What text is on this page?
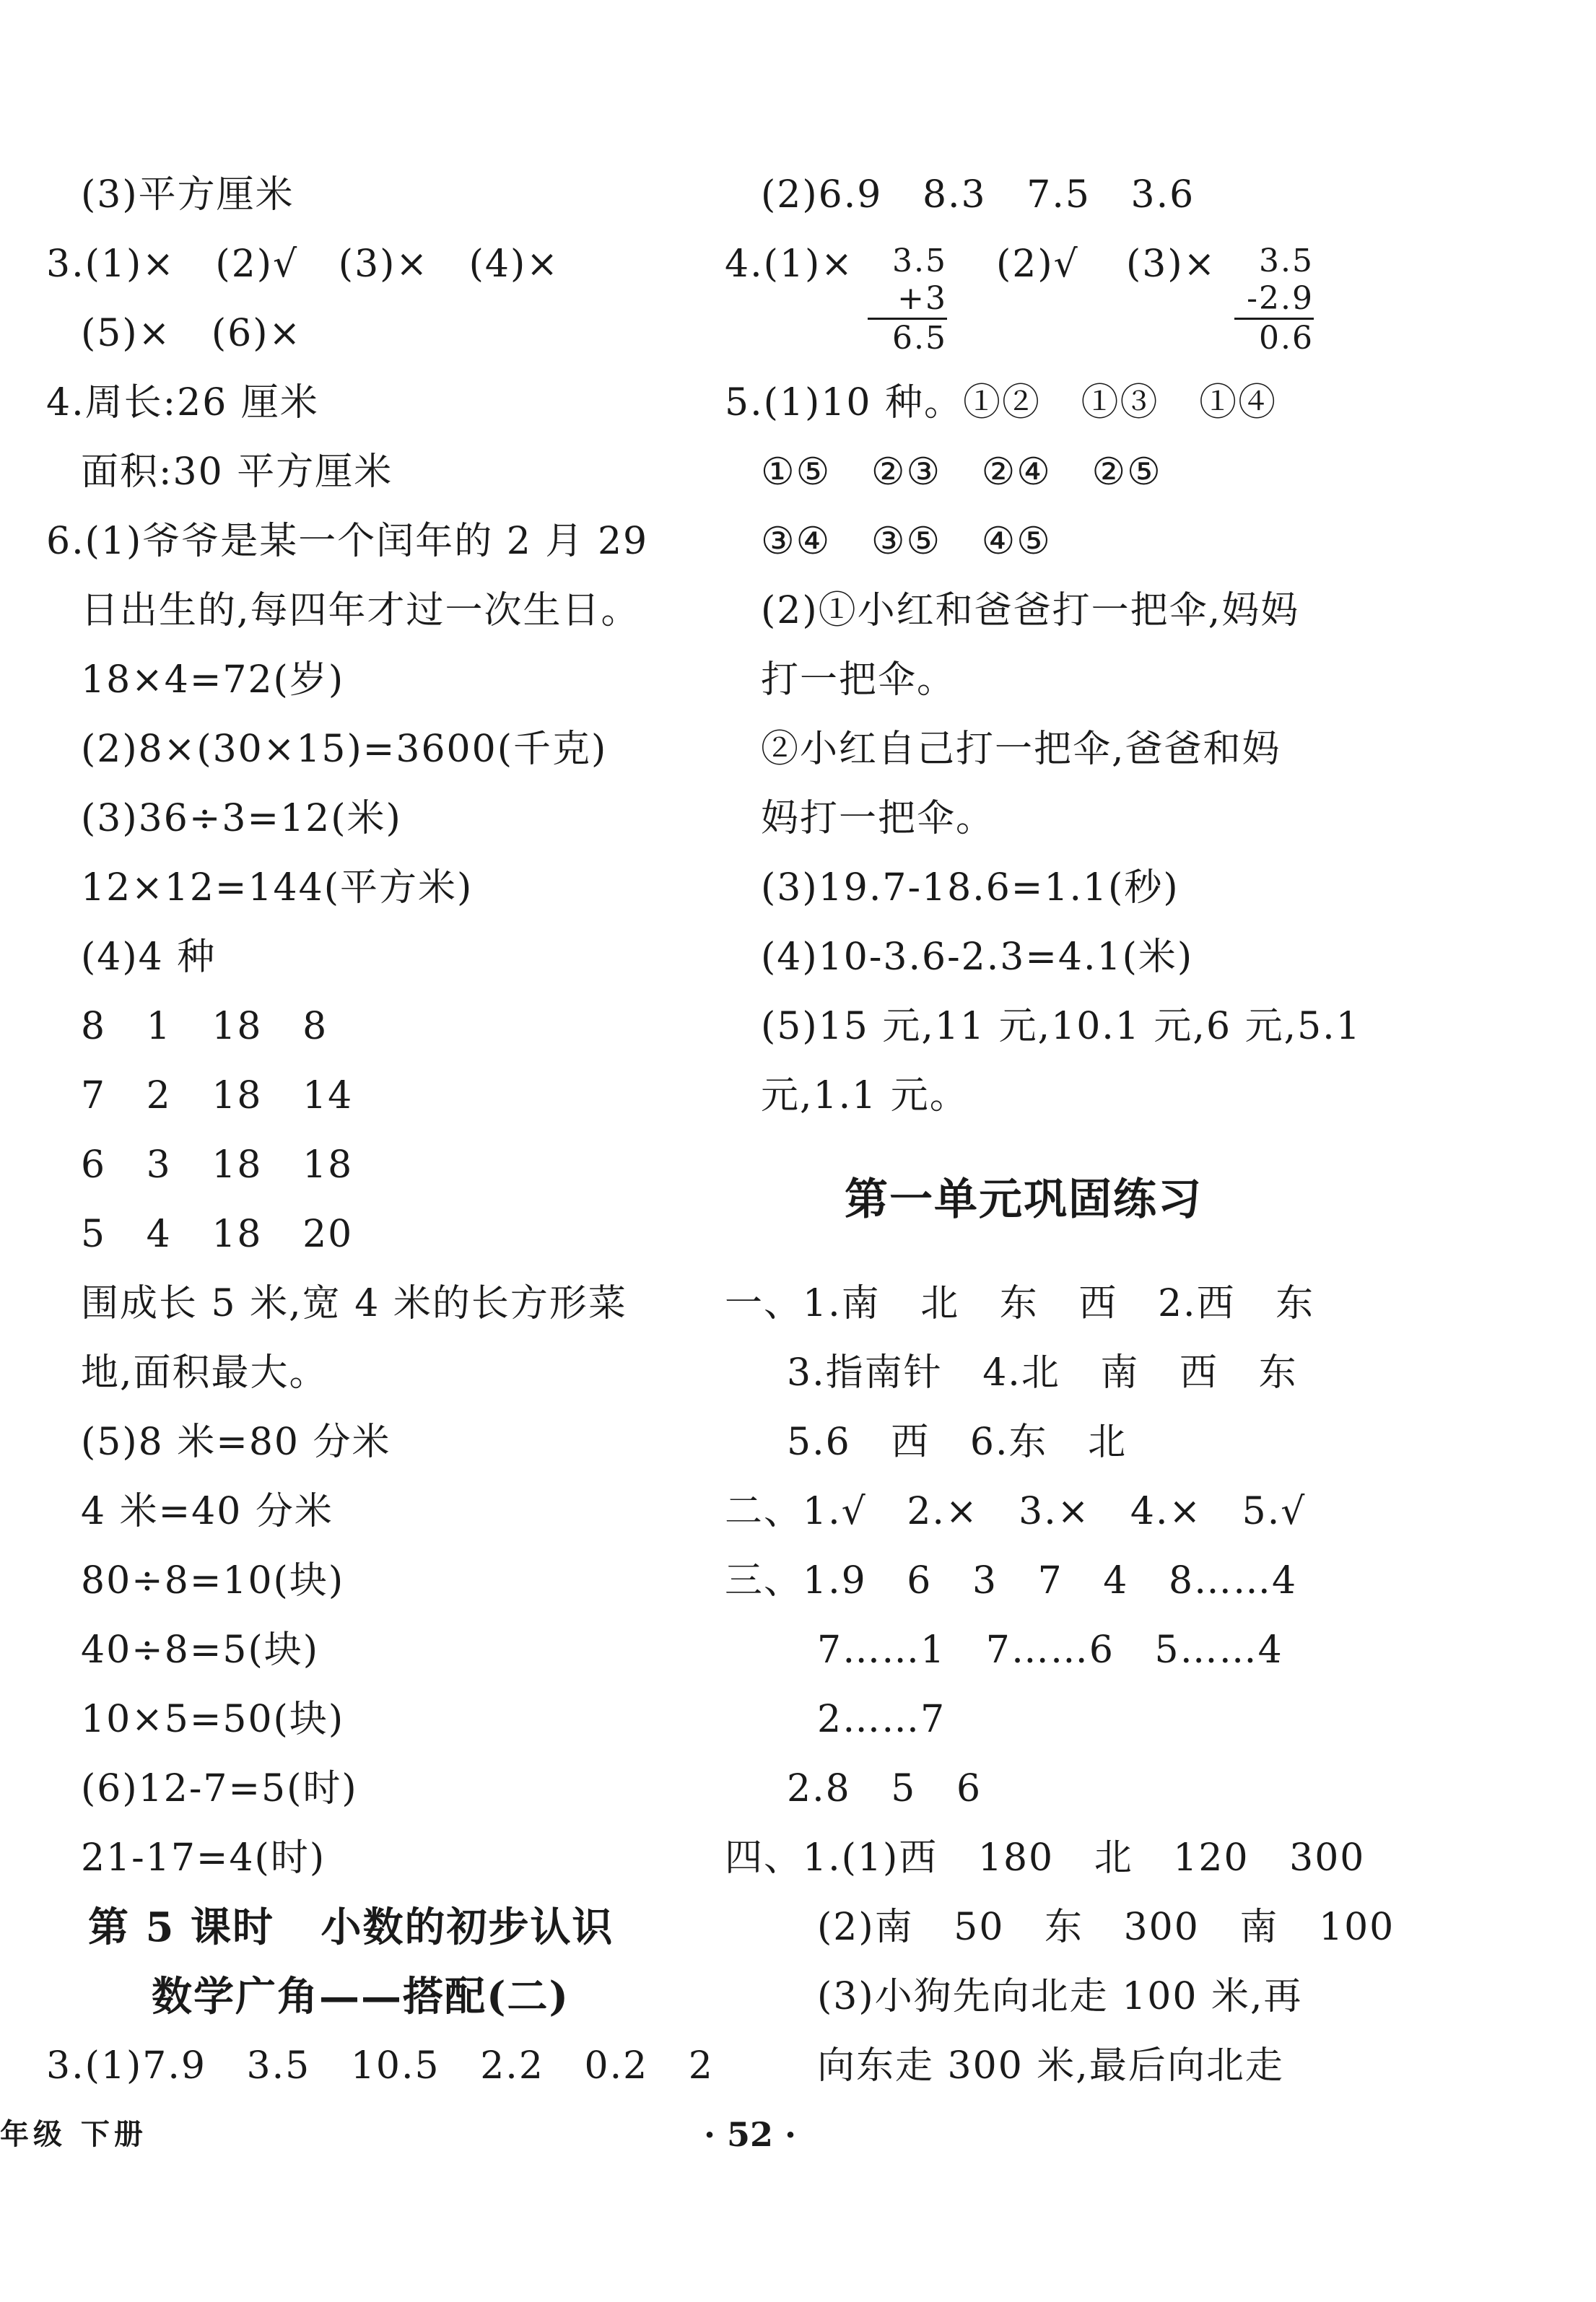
(3)平方厘米
3.(1)×   (2)√   (3)×   (4)×
(5)×   (6)×
4.周长:26 厘米
面积:30 平方厘米
6.(1)爷爷是某一个闰年的 2 月 29
日出生的,每四年才过一次生日。
18×4=72(岁)
(2)8×(30×15)=3600(千克)
(3)36÷3=12(米)
12×12=144(平方米)
(4)4 种
8   1   18   8
7   2   18   14
6   3   18   18
5   4   18   20
围成长 5 米,宽 4 米的长方形菜
地,面积最大。
(5)8 米=80 分米
4 米=40 分米
80÷8=10(块)
40÷8=5(块)
10×5=50(块)
(6)12-7=5(时)
21-17=4(时)
第 5 课时   小数的初步认识
数学广角——搭配(二)
3.(1)7.9   3.5   10.5   2.2   0.2   2
(2)6.9   8.3   7.5   3.6
4.(1)×	3.5
+3
6.5
(2)√ (3)×	3.5
-2.9
0.6
5.(1)10 种。①②   ①③   ①④
①⑤   ②③   ②④   ②⑤
③④   ③⑤   ④⑤
(2)①小红和爸爸打一把伞,妈妈
打一把伞。
②小红自己打一把伞,爸爸和妈
妈打一把伞。
(3)19.7-18.6=1.1(秒)
(4)10-3.6-2.3=4.1(米)
(5)15 元,11 元,10.1 元,6 元,5.1
元,1.1 元。
第一单元巩固练习
一、1.南   北   东   西   2.西   东
3.指南针   4.北   南   西   东
5.6   西   6.东   北
二、1.√   2.×   3.×   4.×   5.√
三、1.9   6   3   7   4   8……4
7……1   7……6   5……4
2……7
2.8   5   6
四、1.(1)西   180   北   120   300
(2)南   50   东   300   南   100
(3)小狗先向北走 100 米,再
向东走 300 米,最后向北走
年级 下册	· 52 ·
